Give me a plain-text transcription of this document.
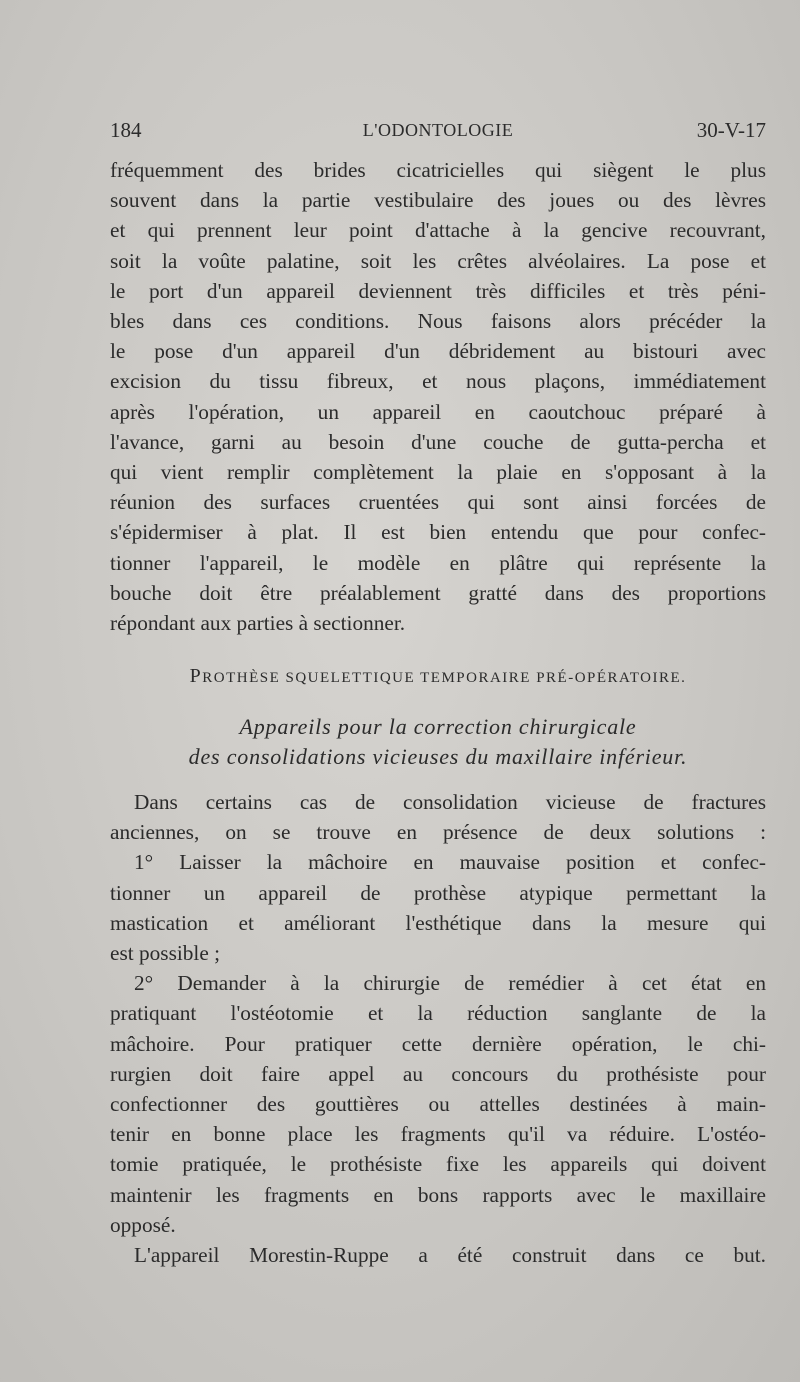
184	L'ODONTOLOGIE	30-V-17

fréquemment des brides cicatricielles qui siègent le plus

souvent dans la partie vestibulaire des joues ou des lèvres

et qui prennent leur point d'attache à la gencive recouvrant,

soit la voûte palatine, soit les crêtes alvéolaires. La pose et

le port d'un appareil deviennent très difficiles et très péni-

bles dans ces conditions. Nous faisons alors précéder la

le pose d'un appareil d'un débridement au bistouri avec

excision du tissu fibreux, et nous plaçons, immédiatement

après l'opération, un appareil en caoutchouc préparé à

l'avance, garni au besoin d'une couche de gutta-percha et

qui vient remplir complètement la plaie en s'opposant à la

réunion des surfaces cruentées qui sont ainsi forcées de

s'épidermiser à plat. Il est bien entendu que pour confec-

tionner l'appareil, le modèle en plâtre qui représente la

bouche doit être préalablement gratté dans des proportions

répondant aux parties à sectionner.

PROTHÈSE SQUELETTIQUE TEMPORAIRE PRÉ-OPÉRATOIRE.
Appareils pour la correction chirurgicale
des consolidations vicieuses du maxillaire inférieur.

Dans certains cas de consolidation vicieuse de fractures

anciennes, on se trouve en présence de deux solutions :

1° Laisser la mâchoire en mauvaise position et confec-

tionner un appareil de prothèse atypique permettant la

mastication et améliorant l'esthétique dans la mesure qui

est possible ;

2° Demander à la chirurgie de remédier à cet état en

pratiquant l'ostéotomie et la réduction sanglante de la

mâchoire. Pour pratiquer cette dernière opération, le chi-

rurgien doit faire appel au concours du prothésiste pour

confectionner des gouttières ou attelles destinées à main-

tenir en bonne place les fragments qu'il va réduire. L'ostéo-

tomie pratiquée, le prothésiste fixe les appareils qui doivent

maintenir les fragments en bons rapports avec le maxillaire

opposé.

L'appareil Morestin-Ruppe a été construit dans ce but.
